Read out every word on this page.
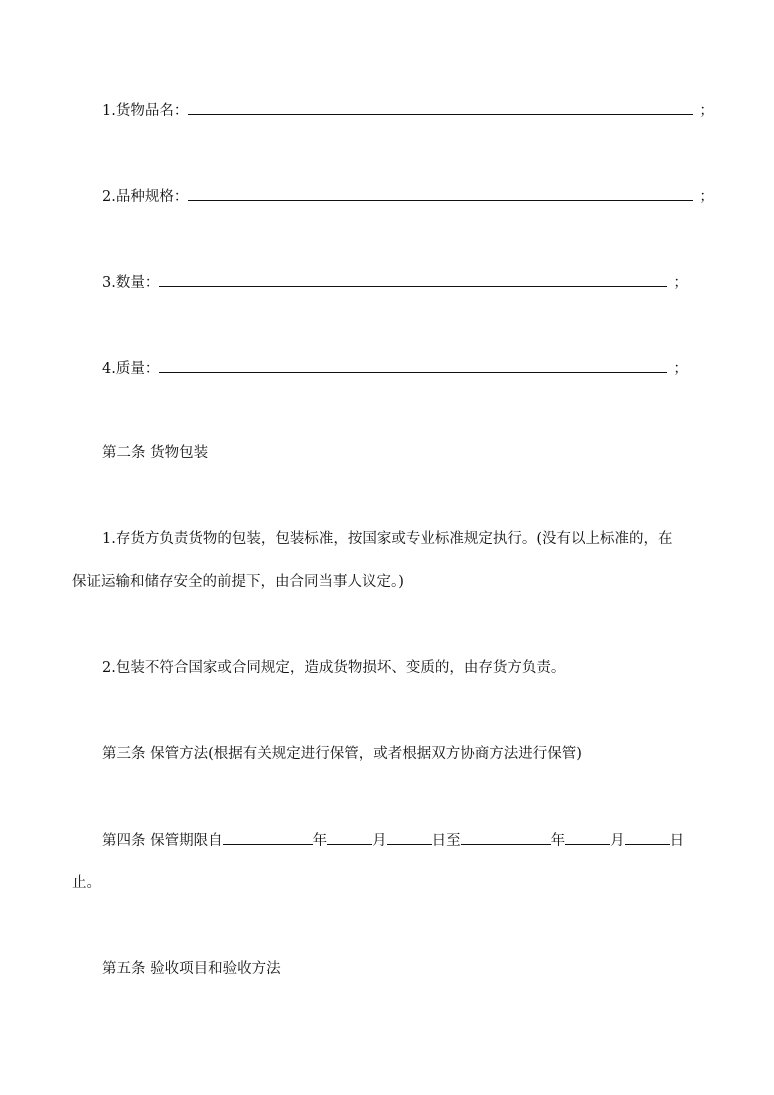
1.货物品名：	；
2.品种规格：	；
3.数量：	；
4.质量：	；
第二条 货物包装
1.存货方负责货物的包装，包装标准，按国家或专业标准规定执行。(没有以上标准的，在
保证运输和储存安全的前提下，由合同当事人议定。)
2.包装不符合国家或合同规定，造成货物损坏、变质的，由存货方负责。
第三条 保管方法(根据有关规定进行保管，或者根据双方协商方法进行保管)
第四条 保管期限自	年	月	日至	年	月	日
止。
第五条 验收项目和验收方法
